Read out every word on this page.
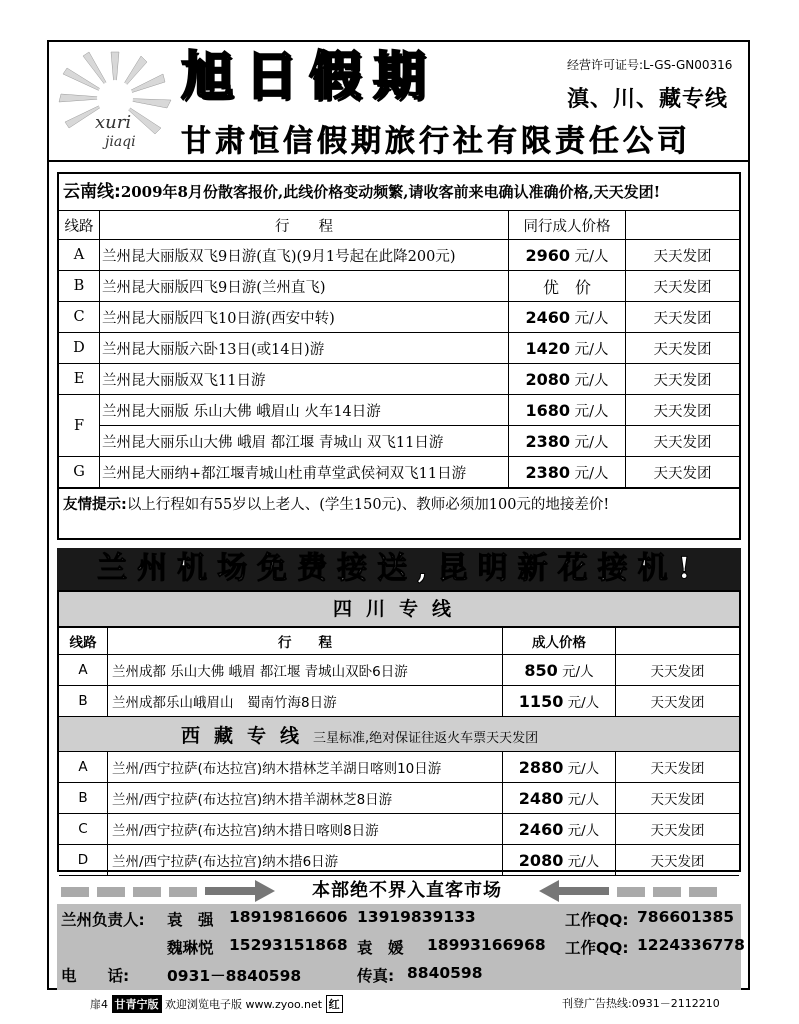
xuri
jiaqi
旭日假期	经营许可证号:L-GS-GN00316
滇、川、藏专线
甘肃恒信假期旅行社有限责任公司
云南线:2009年8月份散客报价,此线价格变动频繁,请收客前来电确认准确价格,天天发团!
线路	行　　程	同行成人价格	
A	兰州昆大丽版双飞9日游(直飞)(9月1号起在此降200元)	2960 元/人	天天发团
B	兰州昆大丽版四飞9日游(兰州直飞)	优　价	天天发团
C	兰州昆大丽版四飞10日游(西安中转)	2460 元/人	天天发团
D	兰州昆大丽版六卧13日(或14日)游	1420 元/人	天天发团
E	兰州昆大丽版双飞11日游	2080 元/人	天天发团
F	兰州昆大丽版 乐山大佛 峨眉山 火车14日游	1680 元/人	天天发团
	兰州昆大丽乐山大佛 峨眉 都江堰 青城山 双飞11日游	2380 元/人	天天发团
G	兰州昆大丽纳+都江堰青城山杜甫草堂武侯祠双飞11日游	2380 元/人	天天发团
友情提示:以上行程如有55岁以上老人、(学生150元)、教师必须加100元的地接差价!
兰州机场免费接送,昆明新花接机!
四川专线
线路	行　　程	成人价格	
A	兰州成都 乐山大佛 峨眉 都江堰 青城山双卧6日游	850 元/人	天天发团
B	兰州成都乐山峨眉山　蜀南竹海8日游	1150 元/人	天天发团
西藏专线三星标准,绝对保证往返火车票天天发团			
A	兰州/西宁拉萨(布达拉宫)纳木措林芝羊湖日喀则10日游	2880 元/人	天天发团
B	兰州/西宁拉萨(布达拉宫)纳木措羊湖林芝8日游	2480 元/人	天天发团
C	兰州/西宁拉萨(布达拉宫)纳木措日喀则8日游	2460 元/人	天天发团
D	兰州/西宁拉萨(布达拉宫)纳木措6日游	2080 元/人	天天发团
本部绝不界入直客市场
兰州负责人: 袁　强 18919816606 13919839133	工作QQ: 786601385
魏琳悦 15293151868 袁　媛 18993166968 工作QQ: 1224336778
电　　话: 0931－8840598	传真: 8840598
扉4 甘青宁版 欢迎浏览电子版 www.zyoo.net 红	刊登广告热线:0931－2112210
